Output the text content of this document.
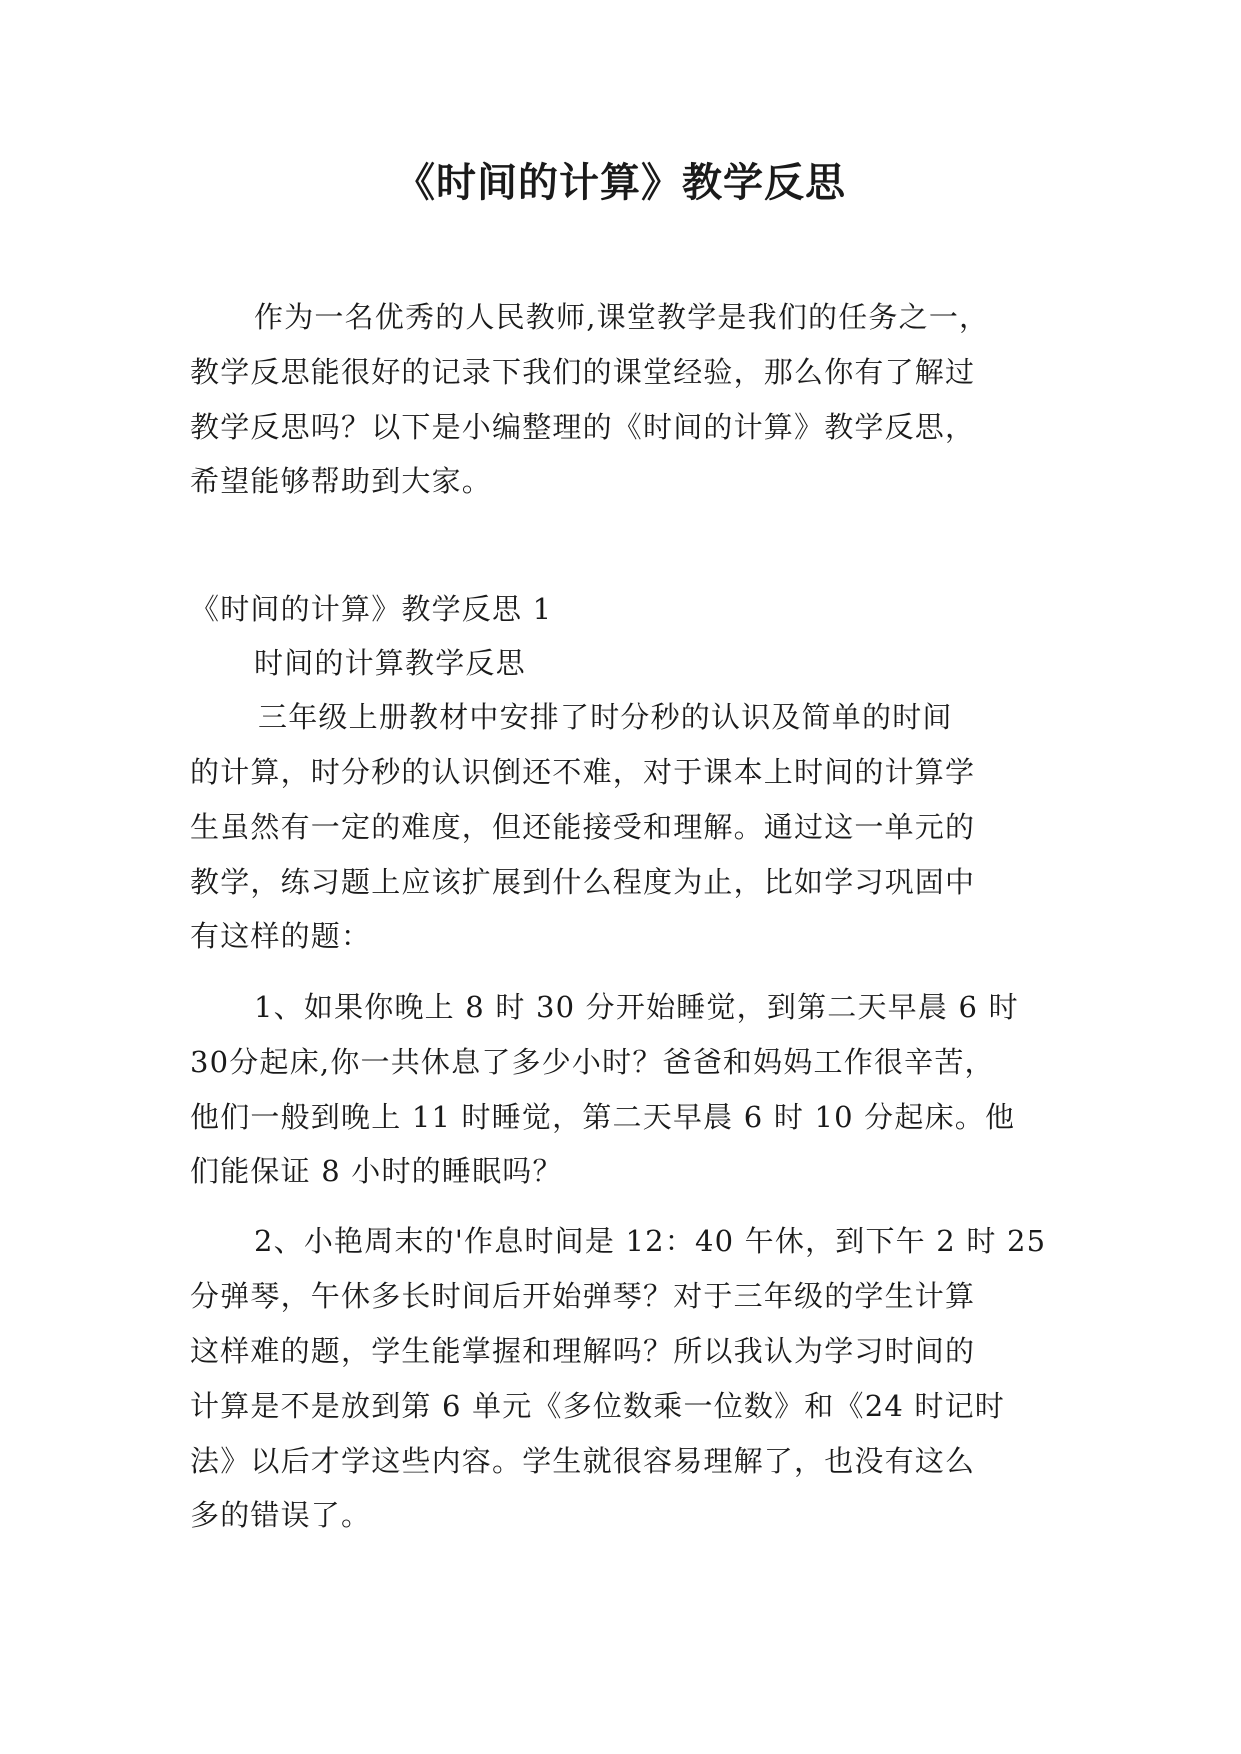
《时间的计算》教学反思

作为一名优秀的人民教师,课堂教学是我们的任务之一，

教学反思能很好的记录下我们的课堂经验，那么你有了解过

教学反思吗？以下是小编整理的《时间的计算》教学反思，

希望能够帮助到大家。

《时间的计算》教学反思 1

时间的计算教学反思

三年级上册教材中安排了时分秒的认识及简单的时间

的计算，时分秒的认识倒还不难，对于课本上时间的计算学

生虽然有一定的难度，但还能接受和理解。通过这一单元的

教学，练习题上应该扩展到什么程度为止，比如学习巩固中

有这样的题：

1、如果你晚上 8 时 30 分开始睡觉，到第二天早晨 6 时

30分起床,你一共休息了多少小时？爸爸和妈妈工作很辛苦，

他们一般到晚上 11 时睡觉，第二天早晨 6 时 10 分起床。他

们能保证 8 小时的睡眠吗？

2、小艳周末的'作息时间是 12：40 午休，到下午 2 时 25

分弹琴，午休多长时间后开始弹琴？对于三年级的学生计算

这样难的题，学生能掌握和理解吗？所以我认为学习时间的

计算是不是放到第 6 单元《多位数乘一位数》和《24 时记时

法》以后才学这些内容。学生就很容易理解了，也没有这么

多的错误了。
